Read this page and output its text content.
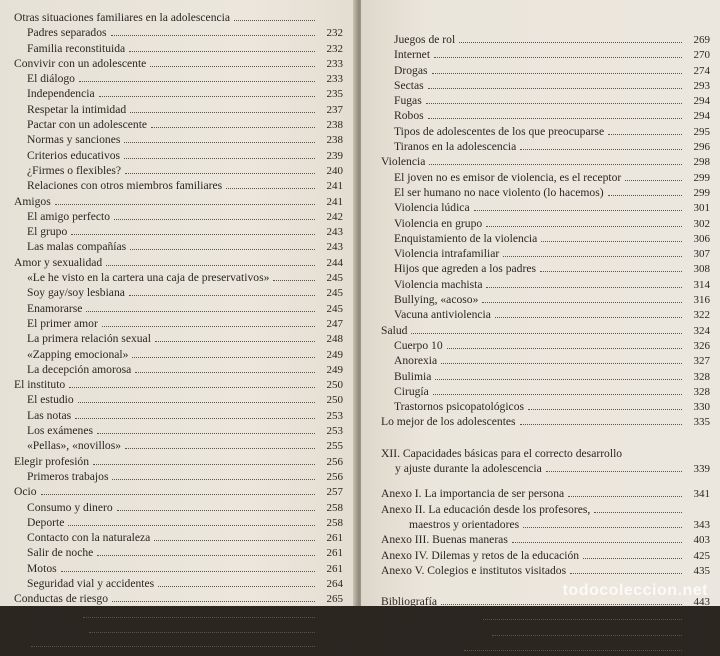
Otras situaciones familiares en la adolescencia
Padres separados	232
Familia reconstituida	232
Convivir con un adolescente	233
El diálogo	233
Independencia	235
Respetar la intimidad	237
Pactar con un adolescente	238
Normas y sanciones	238
Criterios educativos	239
¿Firmes o flexibles?	240
Relaciones con otros miembros familiares	241
Amigos	241
El amigo perfecto	242
El grupo	243
Las malas compañías	243
Amor y sexualidad	244
«Le he visto en la cartera una caja de preservativos»	245
Soy gay/soy lesbiana	245
Enamorarse	245
El primer amor	247
La primera relación sexual	248
«Zapping emocional»	249
La decepción amorosa	249
El instituto	250
El estudio	250
Las notas	253
Los exámenes	253
«Pellas», «novillos»	255
Elegir profesión	256
Primeros trabajos	256
Ocio	257
Consumo y dinero	258
Deporte	258
Contacto con la naturaleza	261
Salir de noche	261
Motos	261
Seguridad vial y accidentes	264
Conductas de riesgo	265
Adicciones	266
Videojuegos	266
268
Juegos de rol	269
Internet	270
Drogas	274
Sectas	293
Fugas	294
Robos	294
Tipos de adolescentes de los que preocuparse	295
Tiranos en la adolescencia	296
Violencia	298
El joven no es emisor de violencia, es el receptor	299
El ser humano no nace violento (lo hacemos)	299
Violencia lúdica	301
Violencia en grupo	302
Enquistamiento de la violencia	306
Violencia intrafamiliar	307
Hijos que agreden a los padres	308
Violencia machista	314
Bullying, «acoso»	316
Vacuna antiviolencia	322
Salud	324
Cuerpo 10	326
Anorexia	327
Bulimia	328
Cirugía	328
Trastornos psicopatológicos	330
Lo mejor de los adolescentes	335
XII. Capacidades básicas para el correcto desarrollo
y ajuste durante la adolescencia	339
Anexo I. La importancia de ser persona	341
Anexo II. La educación desde los profesores,
maestros y orientadores	343
Anexo III. Buenas maneras	403
Anexo IV. Dilemas y retos de la educación	425
Anexo V. Colegios e institutos visitados	435
Bibliografía	443
Galería para las artes	447
Instituciones de interés	457
Agradecimientos	461
todocoleccion.net
